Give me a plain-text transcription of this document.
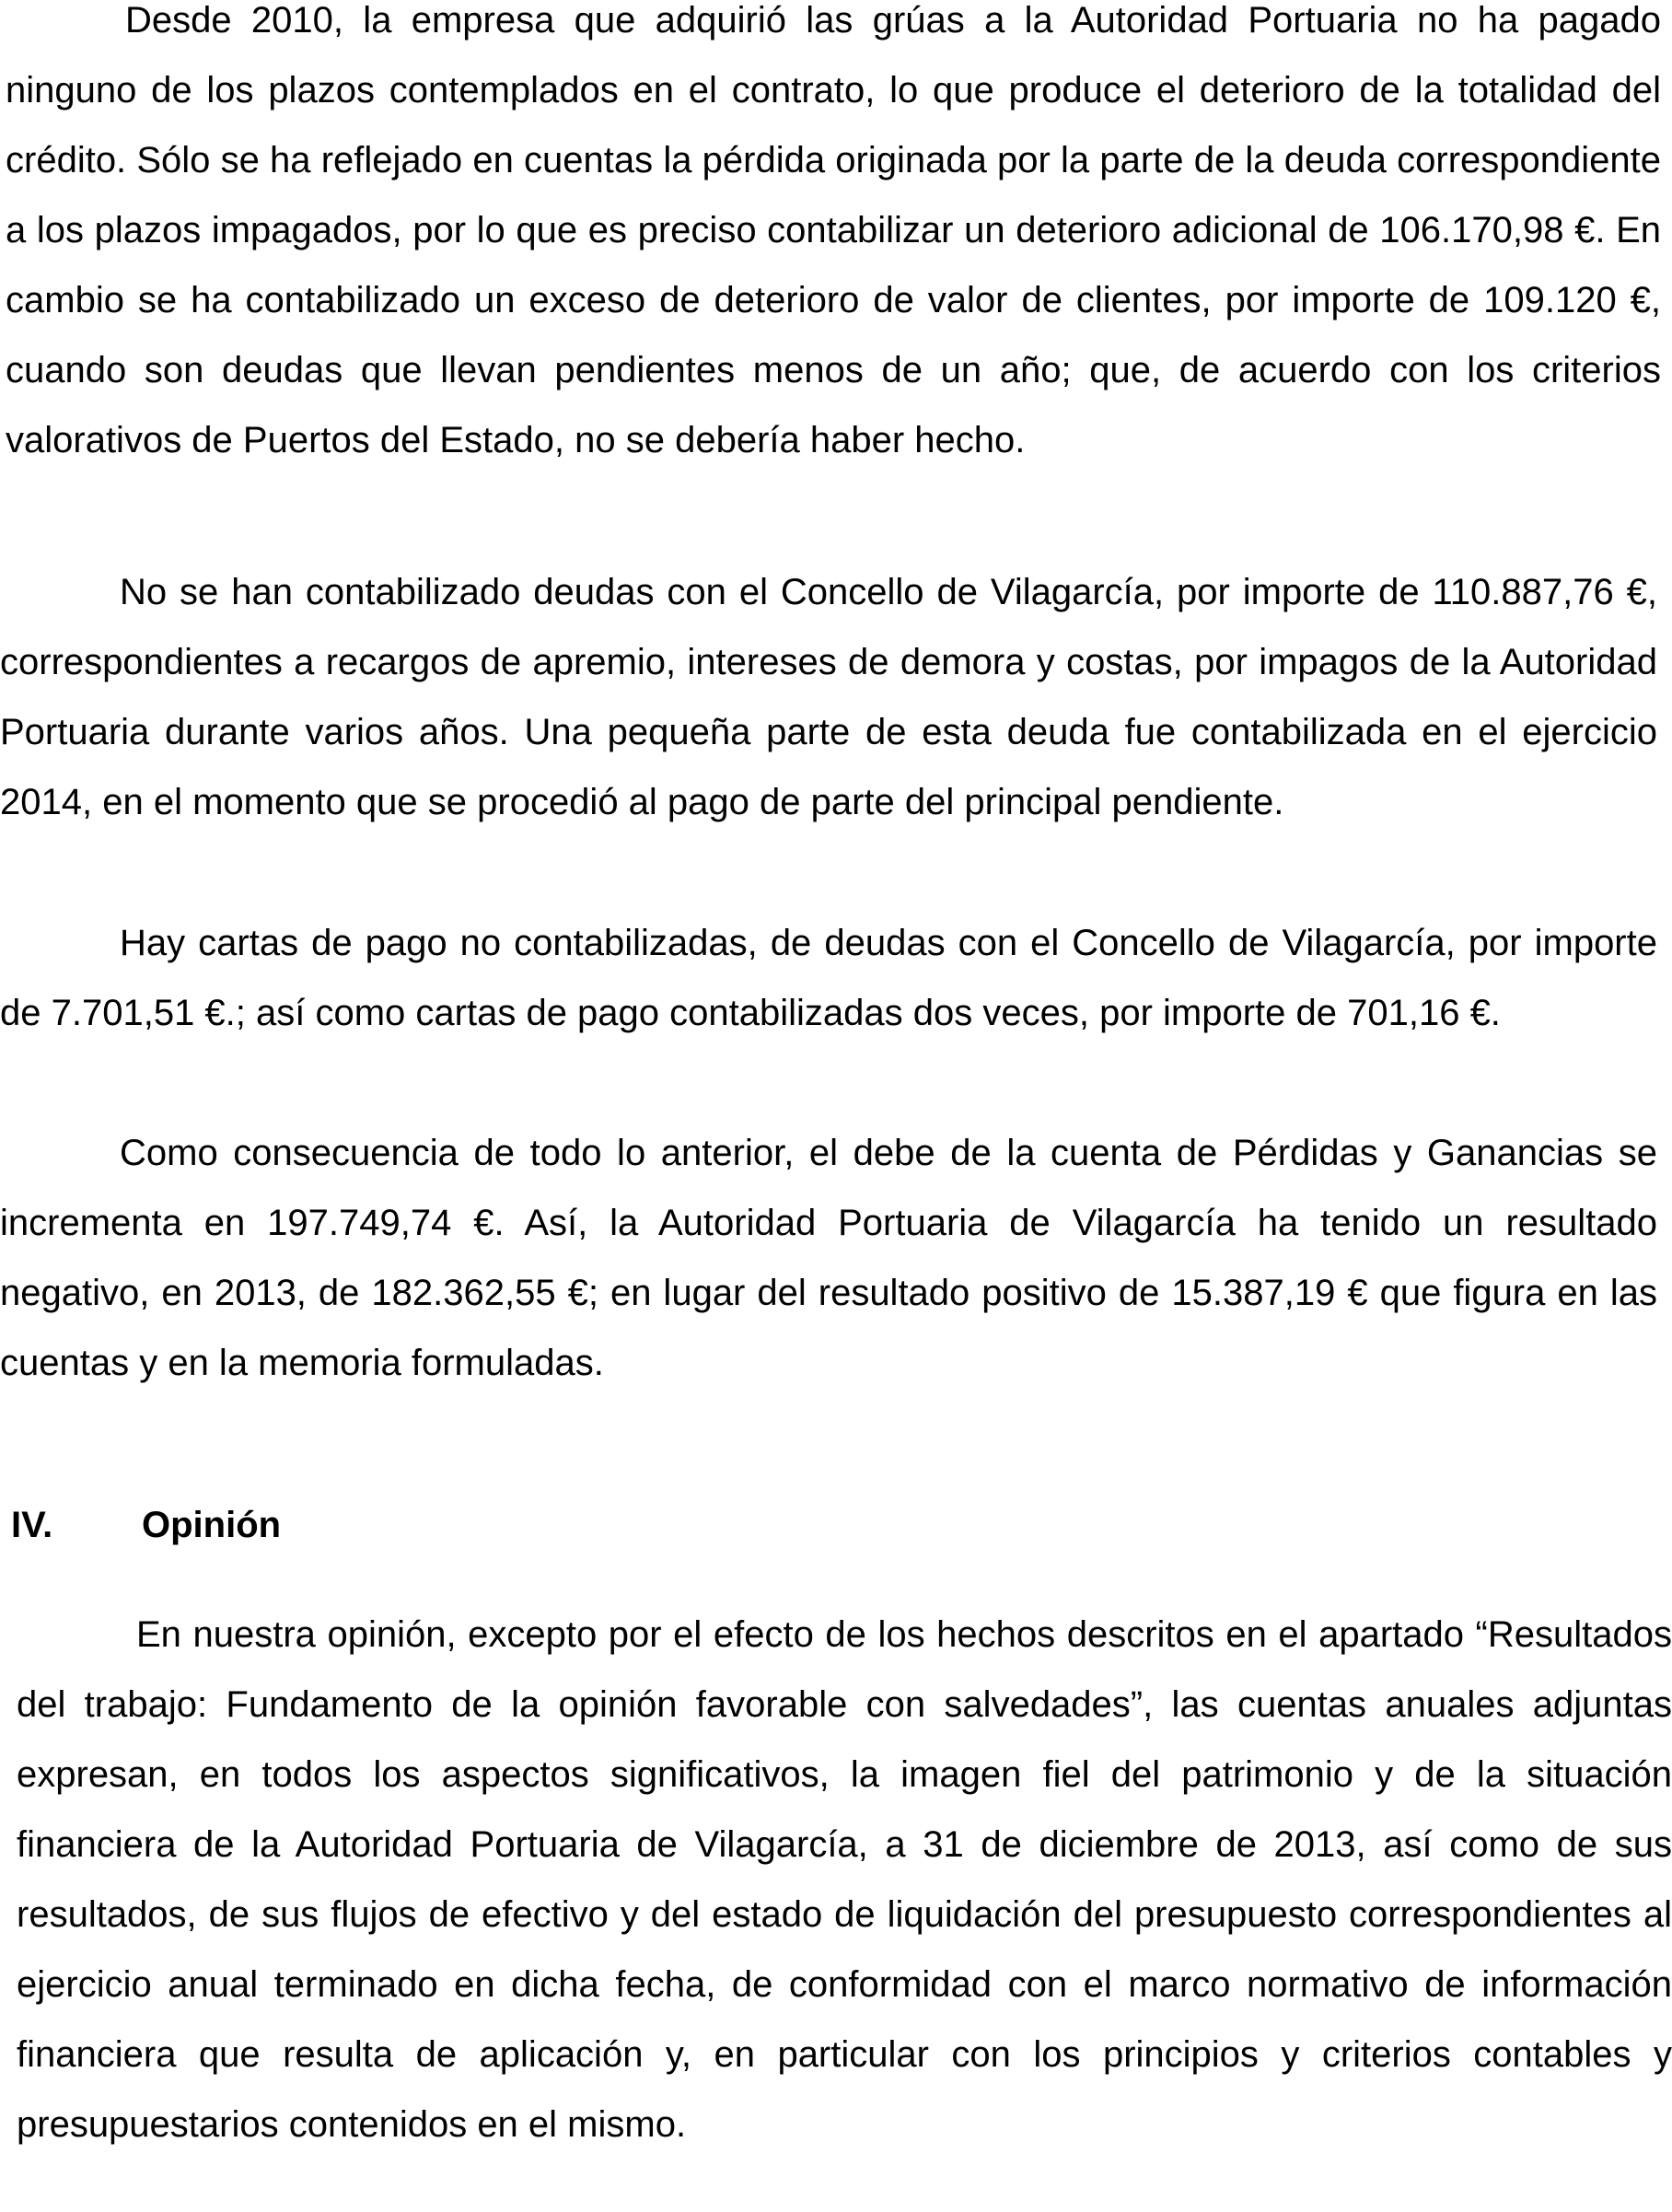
Desde 2010, la empresa que adquirió las grúas a la Autoridad Portuaria no ha pagado ninguno de los plazos contemplados en el contrato, lo que produce el deterioro de la totalidad del crédito. Sólo se ha reflejado en cuentas la pérdida originada por la parte de la deuda correspondiente a los plazos impagados, por lo que es preciso contabilizar un deterioro adicional de 106.170,98 €. En cambio se ha contabilizado un exceso de deterioro de valor de clientes, por importe de 109.120 €, cuando son deudas que llevan pendientes menos de un año; que, de acuerdo con los criterios valorativos de Puertos del Estado, no se debería haber hecho.

No se han contabilizado deudas con el Concello de Vilagarcía, por importe de 110.887,76 €, correspondientes a recargos de apremio, intereses de demora y costas, por impagos de la Autoridad Portuaria durante varios años. Una pequeña parte de esta deuda fue contabilizada en el ejercicio 2014, en el momento que se procedió al pago de parte del principal pendiente.

Hay cartas de pago no contabilizadas, de deudas con el Concello de Vilagarcía, por importe de 7.701,51 €.; así como cartas de pago contabilizadas dos veces, por importe de 701,16 €.

Como consecuencia de todo lo anterior, el debe de la cuenta de Pérdidas y Ganancias se incrementa en 197.749,74 €. Así, la Autoridad Portuaria de Vilagarcía ha tenido un resultado negativo, en 2013, de 182.362,55 €; en lugar del resultado positivo de 15.387,19 € que figura en las cuentas y en la memoria formuladas.

IV. Opinión

En nuestra opinión, excepto por el efecto de los hechos descritos en el apartado “Resultados del trabajo: Fundamento de la opinión favorable con salvedades”, las cuentas anuales adjuntas expresan, en todos los aspectos significativos, la imagen fiel del patrimonio y de la situación financiera de la Autoridad Portuaria de Vilagarcía, a 31 de diciembre de 2013, así como de sus resultados, de sus flujos de efectivo y del estado de liquidación del presupuesto correspondientes al ejercicio anual terminado en dicha fecha, de conformidad con el marco normativo de información financiera que resulta de aplicación y, en particular con los principios y criterios contables y presupuestarios contenidos en el mismo.
